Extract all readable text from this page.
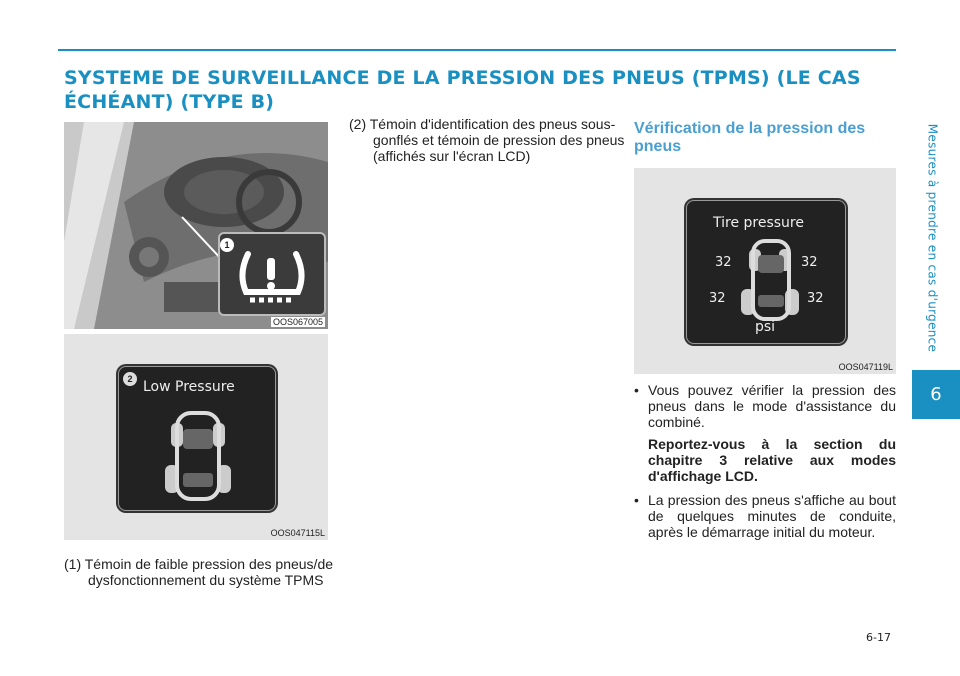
SYSTEME DE SURVEILLANCE DE LA PRESSION DES PNEUS (TPMS) (LE CAS ÉCHÉANT) (TYPE B)
Mesures à prendre en cas d'urgence
6
1
OOS067005
2 Low Pressure
OOS047115L

(1) Témoin de faible pression des pneus/de dysfonctionnement du système TPMS

(2) Témoin d'identification des pneus sous-gonflés et témoin de pression des pneus (affichés sur l'écran LCD)

Vérification de la pression des pneus
Tire pressure
32	32
32	32
psi
OOS047119L
• Vous pouvez vérifier la pression des pneus dans le mode d'assistance du combiné.
Reportez-vous à la section du chapitre 3 relative aux modes d'affichage LCD.
• La pression des pneus s'affiche au bout de quelques minutes de conduite, après le démarrage initial du moteur.
6-17
